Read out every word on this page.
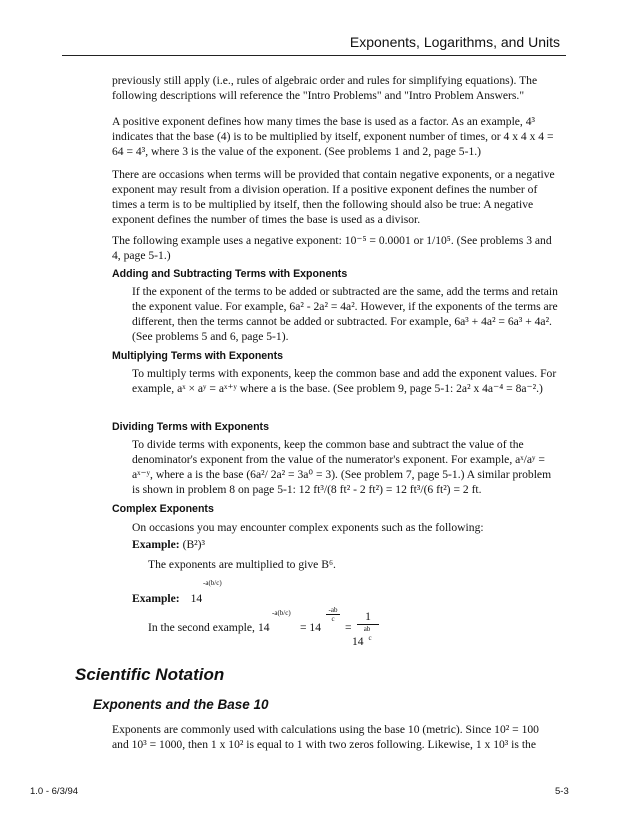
Exponents, Logarithms, and Units

previously still apply (i.e., rules of algebraic order and rules for simplifying equations). The following descriptions will reference the "Intro Problems" and "Intro Problem Answers."

A positive exponent defines how many times the base is used as a factor. As an example, 4³ indicates that the base (4) is to be multiplied by itself, exponent number of times, or 4 x 4 x 4 = 64 = 4³, where 3 is the value of the exponent. (See problems 1 and 2, page 5-1.)

There are occasions when terms will be provided that contain negative exponents, or a negative exponent may result from a division operation. If a positive exponent defines the number of times a term is to be multiplied by itself, then the following should also be true: A negative exponent defines the number of times the base is used as a divisor.

The following example uses a negative exponent: 10⁻⁵ = 0.0001 or 1/10⁵. (See problems 3 and 4, page 5-1.)

Adding and Subtracting Terms with Exponents

If the exponent of the terms to be added or subtracted are the same, add the terms and retain the exponent value. For example, 6a² - 2a² = 4a². However, if the exponents of the terms are different, then the terms cannot be added or subtracted. For example, 6a³ + 4a² = 6a³ + 4a². (See problems 5 and 6, page 5-1).

Multiplying Terms with Exponents

To multiply terms with exponents, keep the common base and add the exponent values. For example, aˣ × aʸ = aˣ⁺ʸ where a is the base. (See problem 9, page 5-1: 2a² x 4a⁻⁴ = 8a⁻².)

Dividing Terms with Exponents

To divide terms with exponents, keep the common base and subtract the value of the denominator's exponent from the value of the numerator's exponent. For example, aˣ/aʸ = aˣ⁻ʸ, where a is the base (6a²/ 2a² = 3a⁰ = 3). (See problem 7, page 5-1.) A similar problem is shown in problem 8 on page 5-1: 12 ft³/(8 ft² - 2 ft²) = 12 ft³/(6 ft²) = 2 ft.

Complex Exponents

On occasions you may encounter complex exponents such as the following:

Example: (B²)³

The exponents are multiplied to give B⁶.

Example: 14
-a(b/c)
In the second example, 14
-a(b/c)
= 14
-ab
c
=
1
ab
14 c
Scientific Notation
Exponents and the Base 10

Exponents are commonly used with calculations using the base 10 (metric). Since 10² = 100 and 10³ = 1000, then 1 x 10² is equal to 1 with two zeros following. Likewise, 1 x 10³ is the

1.0 - 6/3/94	5-3
